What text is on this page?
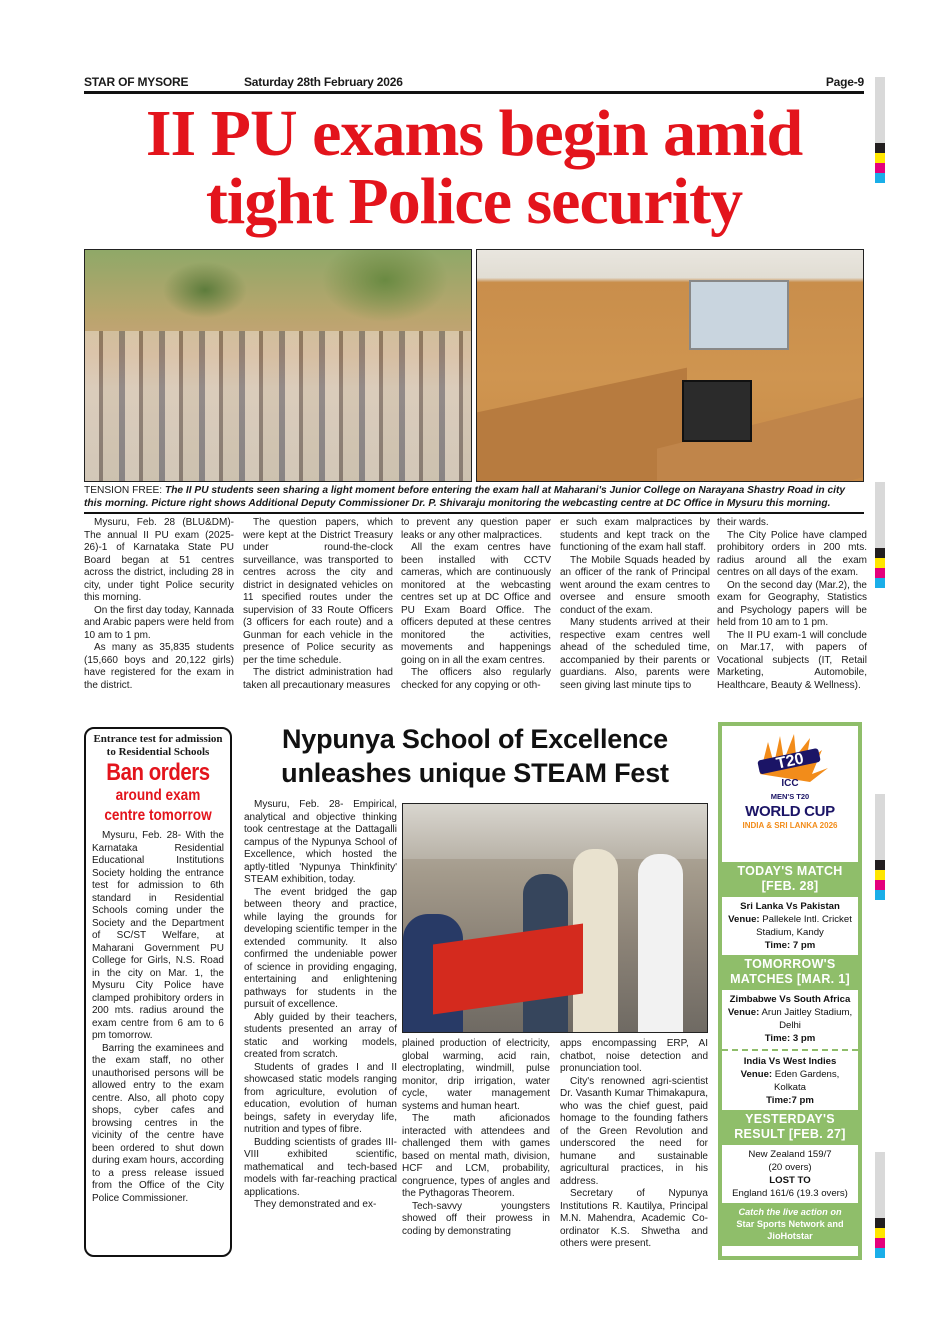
STAR OF MYSORE	Saturday 28th February 2026	Page-9
II PU exams begin amid
tight Police security
TENSION FREE: The II PU students seen sharing a light moment before entering the exam hall at Maharani's Junior College on Narayana Shastry Road in city this morning. Picture right shows Additional Deputy Commissioner Dr. P. Shivaraju monitoring the webcasting centre at DC Office in Mysuru this morning.

Mysuru, Feb. 28 (BLU&DM)- The annual II PU exam (2025-26)-1 of Karnataka State PU Board began at 51 centres across the district, including 28 in city, under tight Police security this morning.

On the first day today, Kannada and Arabic papers were held from 10 am to 1 pm.

As many as 35,835 students (15,660 boys and 20,122 girls) have registered for the exam in the district.

The question papers, which were kept at the District Treasury under round-the-clock surveillance, was transported to centres across the city and district in designated vehicles on 11 specified routes under the supervision of 33 Route Officers (3 officers for each route) and a Gunman for each vehicle in the presence of Police security as per the time schedule.

The district administration had taken all precautionary measures

to prevent any question paper leaks or any other malpractices.

All the exam centres have been installed with CCTV cameras, which are continuously monitored at the webcasting centres set up at DC Office and PU Exam Board Office. The officers deputed at these centres monitored the activities, movements and happenings going on in all the exam centres.

The officers also regularly checked for any copying or oth-

er such exam malpractices by students and kept track on the functioning of the exam hall staff.

The Mobile Squads headed by an officer of the rank of Principal went around the exam centres to oversee and ensure smooth conduct of the exam.

Many students arrived at their respective exam centres well ahead of the scheduled time, accompanied by their parents or guardians. Also, parents were seen giving last minute tips to

their wards.

The City Police have clamped prohibitory orders in 200 mts. radius around all the exam centres on all days of the exam.

On the second day (Mar.2), the exam for Geography, Statistics and Psychology papers will be held from 10 am to 1 pm.

The II PU exam-1 will conclude on Mar.17, with papers of Vocational subjects (IT, Retail Marketing, Automobile, Healthcare, Beauty & Wellness).

Entrance test for admission to Residential Schools
Ban orders
around exam
centre tomorrow

Mysuru, Feb. 28- With the Karnataka Residential Educational Institutions Society holding the entrance test for admission to 6th standard in Residential Schools coming under the Society and the Department of SC/ST Welfare, at Maharani Government PU College for Girls, N.S. Road in the city on Mar. 1, the Mysuru City Police have clamped prohibitory orders in 200 mts. radius around the exam centre from 6 am to 6 pm tomorrow.

Barring the examinees and the exam staff, no other unauthorised persons will be allowed entry to the exam centre. Also, all photo copy shops, cyber cafes and browsing centres in the vicinity of the centre have been ordered to shut down during exam hours, according to a press release issued from the Office of the City Police Commissioner.

Nypunya School of Excellence
unleashes unique STEAM Fest

Mysuru, Feb. 28- Empirical, analytical and objective thinking took centrestage at the Dattagalli campus of the Nypunya School of Excellence, which hosted the aptly-titled 'Nypunya Thinkfinity' STEAM exhibition, today.

The event bridged the gap between theory and practice, while laying the grounds for developing scientific temper in the extended community. It also confirmed the undeniable power of science in providing engaging, entertaining and enlightening pathways for students in the pursuit of excellence.

Ably guided by their teachers, students presented an array of static and working models, created from scratch.

Students of grades I and II showcased static models ranging from agriculture, evolution of education, evolution of human beings, safety in everyday life, nutrition and types of fibre.

Budding scientists of grades III-VIII exhibited scientific, mathematical and tech-based models with far-reaching practical applications.

They demonstrated and ex-

plained production of electricity, global warming, acid rain, electroplating, windmill, pulse monitor, drip irrigation, water cycle, water management systems and human heart.

The math aficionados interacted with attendees and challenged them with games based on mental math, division, HCF and LCM, probability, congruence, types of angles and the Pythagoras Theorem.

Tech-savvy youngsters showed off their prowess in coding by demonstrating

apps encompassing ERP, AI chatbot, noise detection and pronunciation tool.

City's renowned agri-scientist Dr. Vasanth Kumar Thimakapura, who was the chief guest, paid homage to the founding fathers of the Green Revolution and underscored the need for humane and sustainable agricultural practices, in his address.

Secretary of Nypunya Institutions R. Kautilya, Principal M.N. Mahendra, Academic Co-ordinator K.S. Shwetha and others were present.

T20
ICC
MEN'S T20
WORLD CUP
INDIA & SRI LANKA 2026
TODAY'S MATCH [FEB. 28]
Sri Lanka Vs Pakistan
Venue: Pallekele Intl. Cricket Stadium, Kandy
Time: 7 pm
TOMORROW'S MATCHES [MAR. 1]
Zimbabwe Vs South Africa
Venue: Arun Jaitley Stadium, Delhi
Time: 3 pm
India Vs West Indies
Venue: Eden Gardens, Kolkata
Time:7 pm
YESTERDAY'S RESULT [FEB. 27]
New Zealand 159/7
(20 overs)
LOST TO
England 161/6 (19.3 overs)
Catch the live action on
Star Sports Network and JioHotstar
